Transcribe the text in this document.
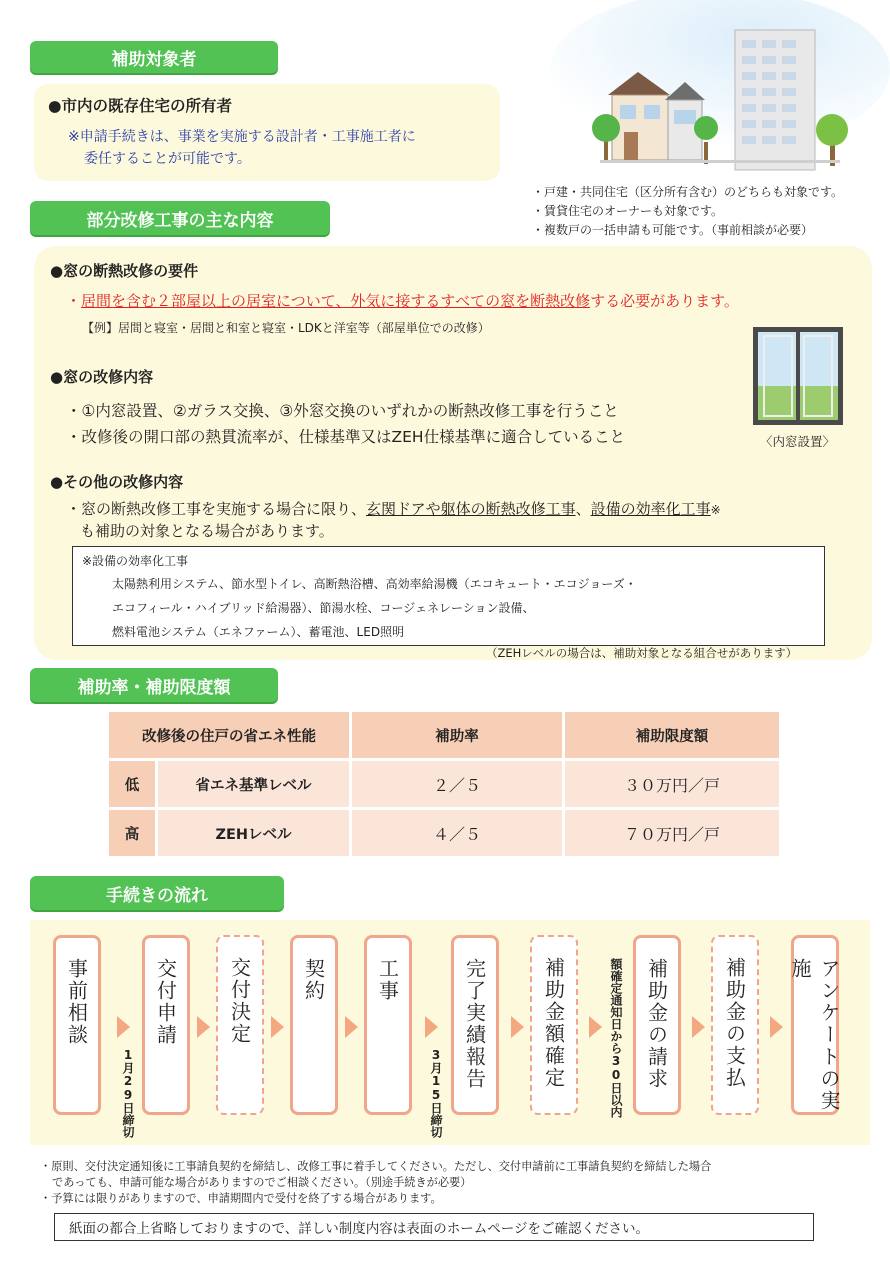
補助対象者
●市内の既存住宅の所有者
※申請手続きは、事業を実施する設計者・工事施工者に
委任することが可能です。
・戸建・共同住宅（区分所有含む）のどちらも対象です。
・賃貸住宅のオーナーも対象です。
・複数戸の一括申請も可能です。（事前相談が必要）
部分改修工事の主な内容
●窓の断熱改修の要件
・居間を含む２部屋以上の居室について、外気に接するすべての窓を断熱改修する必要があります。
【例】居間と寝室・居間と和室と寝室・LDKと洋室等（部屋単位での改修）
〈内窓設置〉
●窓の改修内容
・①内窓設置、②ガラス交換、③外窓交換のいずれかの断熱改修工事を行うこと
・改修後の開口部の熱貫流率が、仕様基準又はZEH仕様基準に適合していること
●その他の改修内容
・窓の断熱改修工事を実施する場合に限り、玄関ドアや躯体の断熱改修工事、設備の効率化工事※
も補助の対象となる場合があります。
※設備の効率化工事
太陽熱利用システム、節水型トイレ、高断熱浴槽、高効率給湯機（エコキュート・エコジョーズ・
エコフィール・ハイブリッド給湯器）、節湯水栓、コージェネレーション設備、
燃料電池システム（エネファーム）、蓄電池、LED照明
（ZEHレベルの場合は、補助対象となる組合せがあります）
補助率・補助限度額
改修後の住戸の省エネ性能		補助率	補助限度額
低	省エネ基準レベル	２／５	３０万円／戸
高	ZEHレベル	４／５	７０万円／戸
手続きの流れ
事前相談
1月29日締切
交付申請	交付決定	契約	工事
3月15日締切
完了実績報告	補助金額確定	額確定通知日から30日以内	補助金の請求	補助金の支払	アンケートの実施
・原則、交付決定通知後に工事請負契約を締結し、改修工事に着手してください。ただし、交付申請前に工事請負契約を締結した場合
であっても、申請可能な場合がありますのでご相談ください。（別途手続きが必要）
・予算には限りがありますので、申請期間内で受付を終了する場合があります。
紙面の都合上省略しておりますので、詳しい制度内容は表面のホームページをご確認ください。
